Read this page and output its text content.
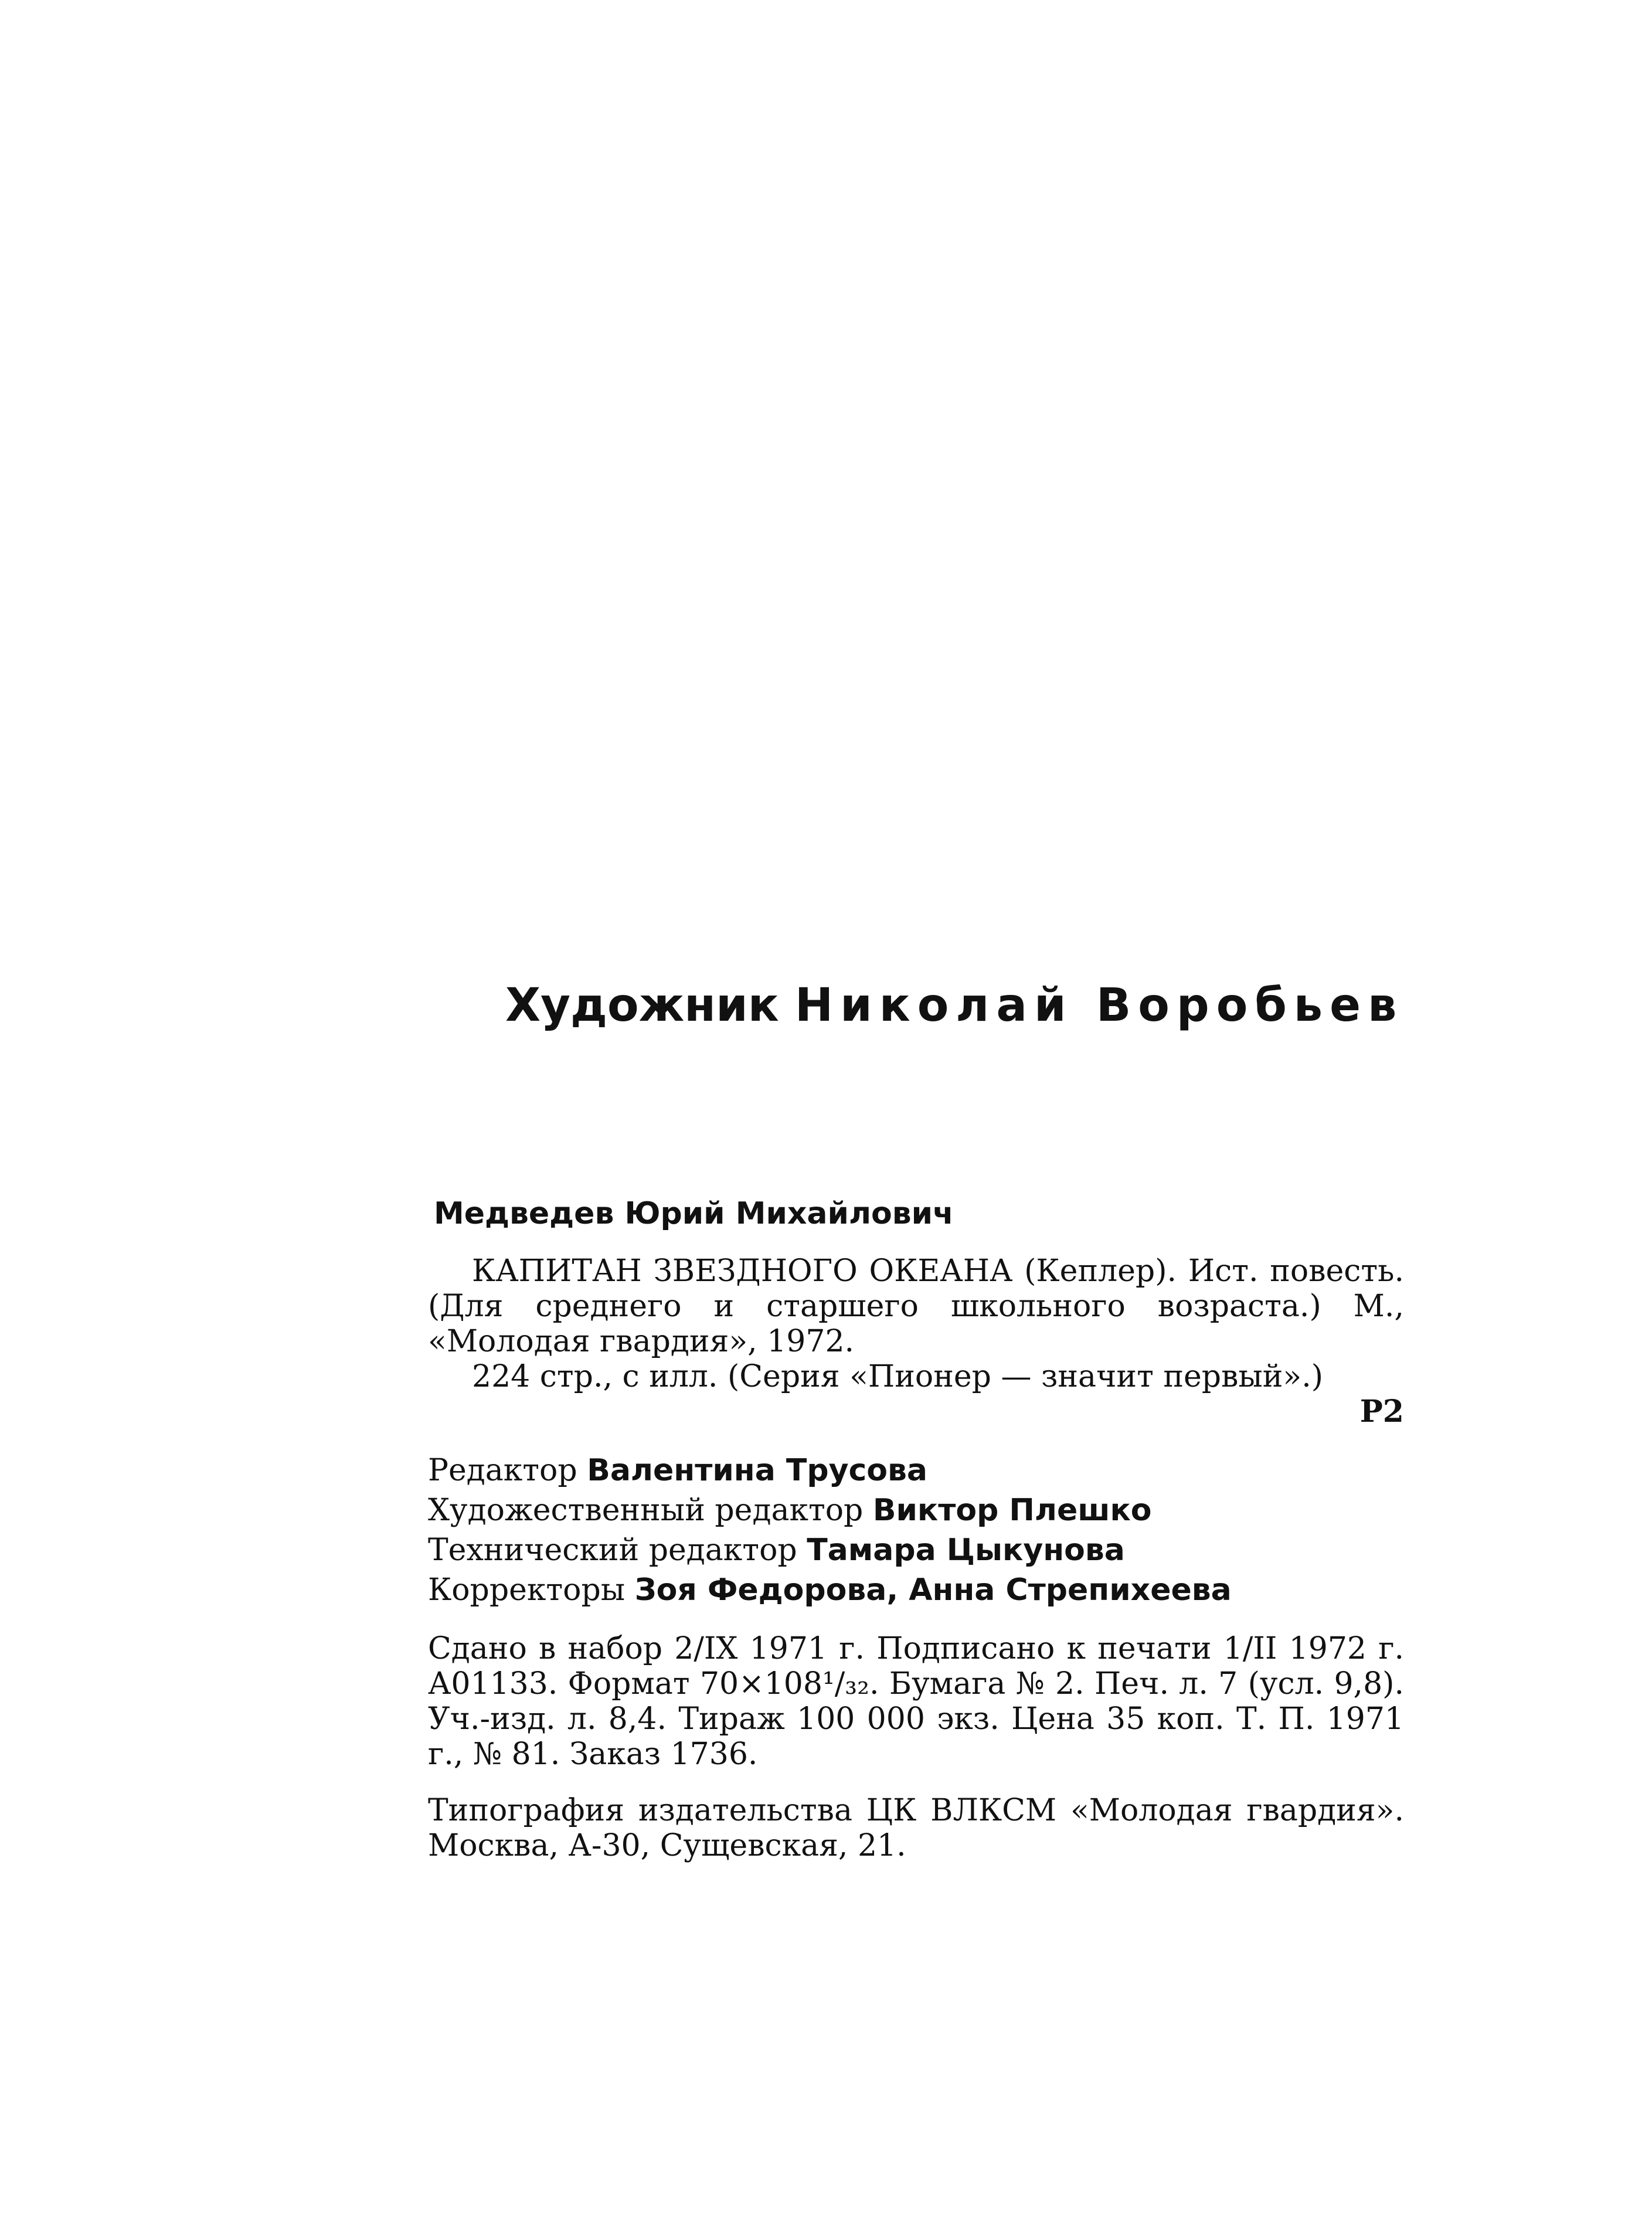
Художник Николай Воробьев
Медведев Юрий Михайлович

КАПИТАН ЗВЕЗДНОГО ОКЕАНА (Кеплер). Ист. повесть. (Для среднего и старшего школьного возраста.) М., «Молодая гвардия», 1972.

224 стр., с илл. (Серия «Пионер — значит первый».)

Р2

Редактор Валентина Трусова
Художественный редактор Виктор Плешко
Технический редактор Тамара Цыкунова
Корректоры Зоя Федорова, Анна Стрепихеева

Сдано в набор 2/IX 1971 г. Подписано к печати 1/II 1972 г. А01133. Формат 70×108¹/₃₂. Бумага № 2. Печ. л. 7 (усл. 9,8). Уч.-изд. л. 8,4. Тираж 100 000 экз. Цена 35 коп. Т. П. 1971 г., № 81. Заказ 1736.

Типография издательства ЦК ВЛКСМ «Молодая гвардия». Москва, А-30, Сущевская, 21.
